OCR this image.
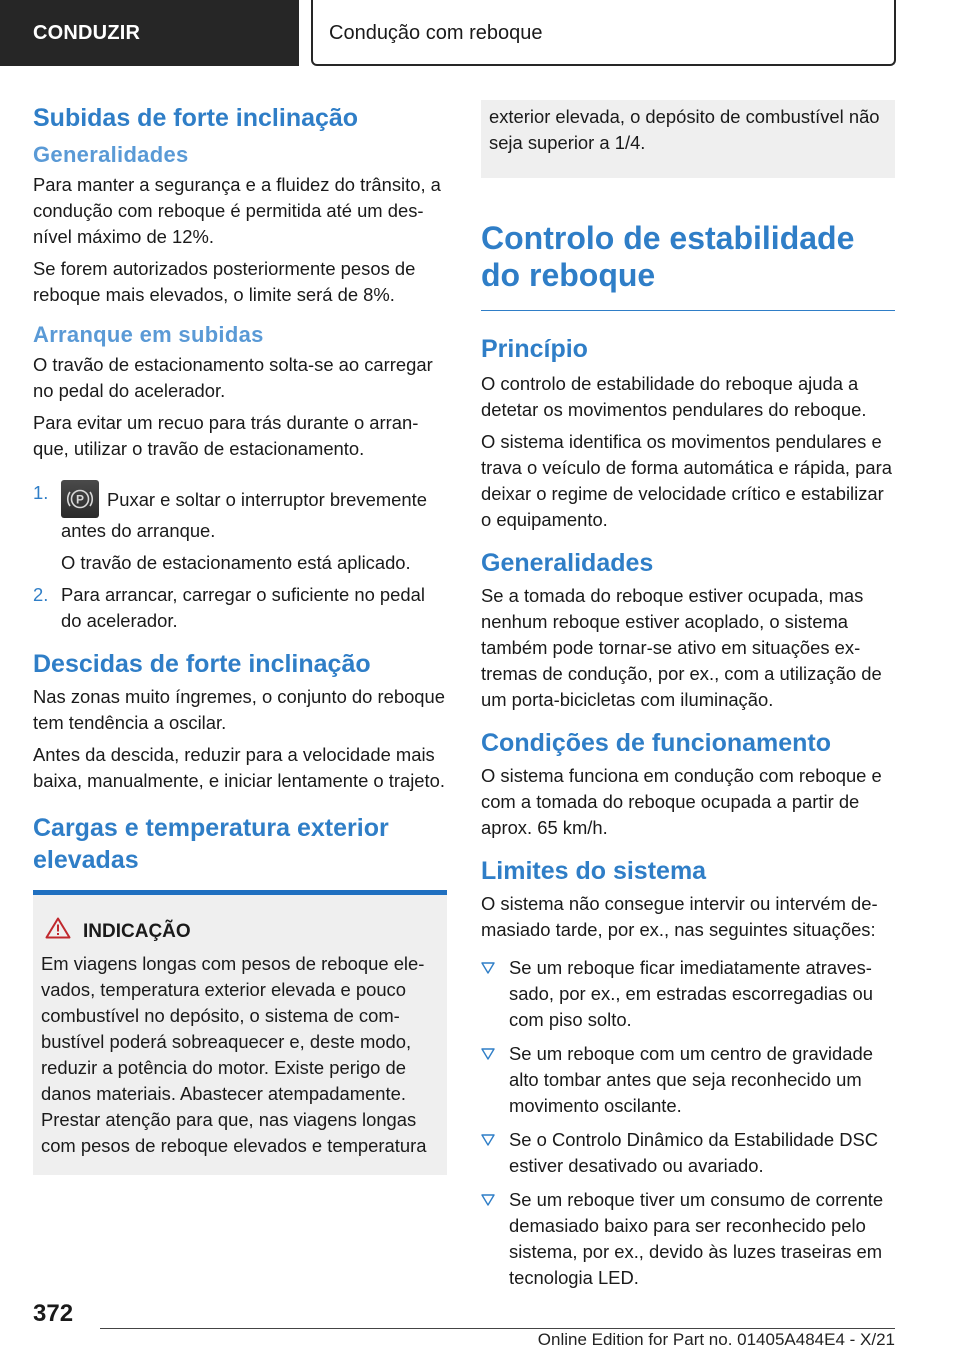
CONDUZIR	Condução com reboque
Subidas de forte inclinação
Generalidades

Para manter a segurança e a fluidez do trânsito, a condução com reboque é permitida até um desnível máximo de 12%.

Se forem autorizados posteriormente pesos de reboque mais elevados, o limite será de 8%.

Arranque em subidas

O travão de estacionamento solta-se ao carregar no pedal do acelerador.

Para evitar um recuo para trás durante o arranque, utilizar o travão de estacionamento.

1. P Puxar e soltar o interruptor brevemente antes do arranque.
O travão de estacionamento está aplicado.
2. Para arrancar, carregar o suficiente no pedal do acelerador.
Descidas de forte inclinação

Nas zonas muito íngremes, o conjunto do reboque tem tendência a oscilar.

Antes da descida, reduzir para a velocidade mais baixa, manualmente, e iniciar lentamente o trajeto.

Cargas e temperatura exterior elevadas
INDICAÇÃO

Em viagens longas com pesos de reboque elevados, temperatura exterior elevada e pouco combustível no depósito, o sistema de combustível poderá sobreaquecer e, deste modo, reduzir a potência do motor. Existe perigo de danos materiais. Abastecer atempadamente. Prestar atenção para que, nas viagens longas com pesos de reboque elevados e temperatura

exterior elevada, o depósito de combustível não seja superior a 1/4.

Controlo de estabilidade do reboque
Princípio

O controlo de estabilidade do reboque ajuda a detetar os movimentos pendulares do reboque.

O sistema identifica os movimentos pendulares e trava o veículo de forma automática e rápida, para deixar o regime de velocidade crítico e estabilizar o equipamento.

Generalidades

Se a tomada do reboque estiver ocupada, mas nenhum reboque estiver acoplado, o sistema também pode tornar-se ativo em situações extremas de condução, por ex., com a utilização de um porta-bicicletas com iluminação.

Condições de funcionamento

O sistema funciona em condução com reboque e com a tomada do reboque ocupada a partir de aprox. 65 km/h.

Limites do sistema

O sistema não consegue intervir ou intervém demasiado tarde, por ex., nas seguintes situações:

Se um reboque ficar imediatamente atravessado, por ex., em estradas escorregadias ou com piso solto.
Se um reboque com um centro de gravidade alto tombar antes que seja reconhecido um movimento oscilante.
Se o Controlo Dinâmico da Estabilidade DSC estiver desativado ou avariado.
Se um reboque tiver um consumo de corrente demasiado baixo para ser reconhecido pelo sistema, por ex., devido às luzes traseiras em tecnologia LED.
372
Online Edition for Part no. 01405A484E4 - X/21
